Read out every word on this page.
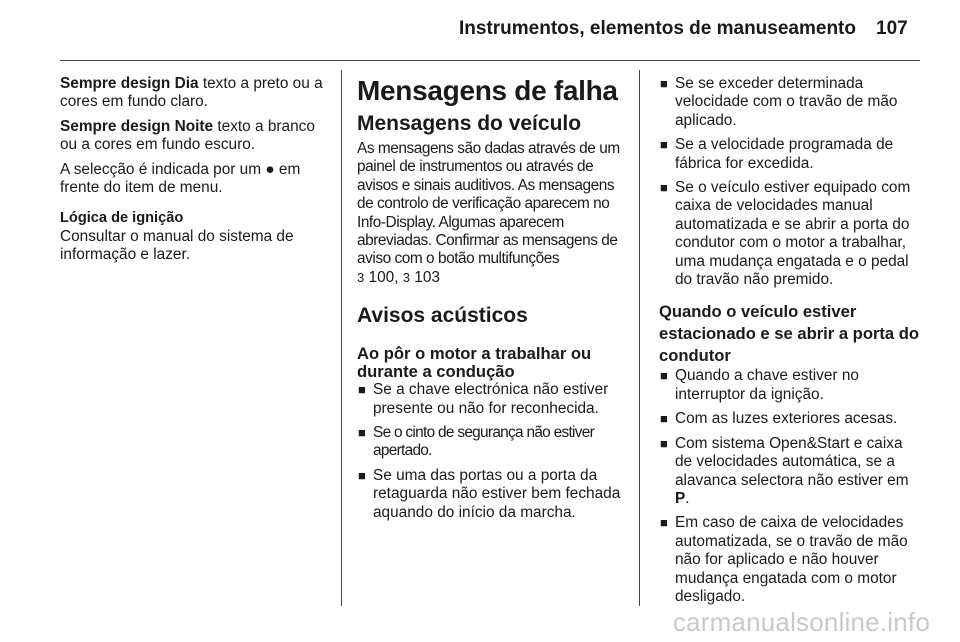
Instrumentos, elementos de manuseamento 107

Sempre design Dia texto a preto ou a cores em fundo claro.

Sempre design Noite texto a branco ou a cores em fundo escuro.

A selecção é indicada por um ● em frente do item de menu.

Lógica de ignição

Consultar o manual do sistema de informação e lazer.

Mensagens de falha
Mensagens do veículo

As mensagens são dadas através de um painel de instrumentos ou através de avisos e sinais auditivos. As mensagens de controlo de verificação aparecem no Info-Display. Algumas aparecem abreviadas. Confirmar as mensagens de aviso com o botão multifunções
3 100, 3 103

Avisos acústicos
Ao pôr o motor a trabalhar ou durante a condução
■ Se a chave electrónica não estiver presente ou não for reconhecida.
■ Se o cinto de segurança não estiver apertado.
■ Se uma das portas ou a porta da retaguarda não estiver bem fechada aquando do início da marcha.
■ Se se exceder determinada velocidade com o travão de mão aplicado.
■ Se a velocidade programada de fábrica for excedida.
■ Se o veículo estiver equipado com caixa de velocidades manual automatizada e se abrir a porta do condutor com o motor a trabalhar, uma mudança engatada e o pedal do travão não premido.
Quando o veículo estiver estacionado e se abrir a porta do condutor
■ Quando a chave estiver no interruptor da ignição.
■ Com as luzes exteriores acesas.
■ Com sistema Open&Start e caixa de velocidades automática, se a alavanca selectora não estiver em P.
■ Em caso de caixa de velocidades automatizada, se o travão de mão não for aplicado e não houver mudança engatada com o motor desligado.
carmanualsonline.info
